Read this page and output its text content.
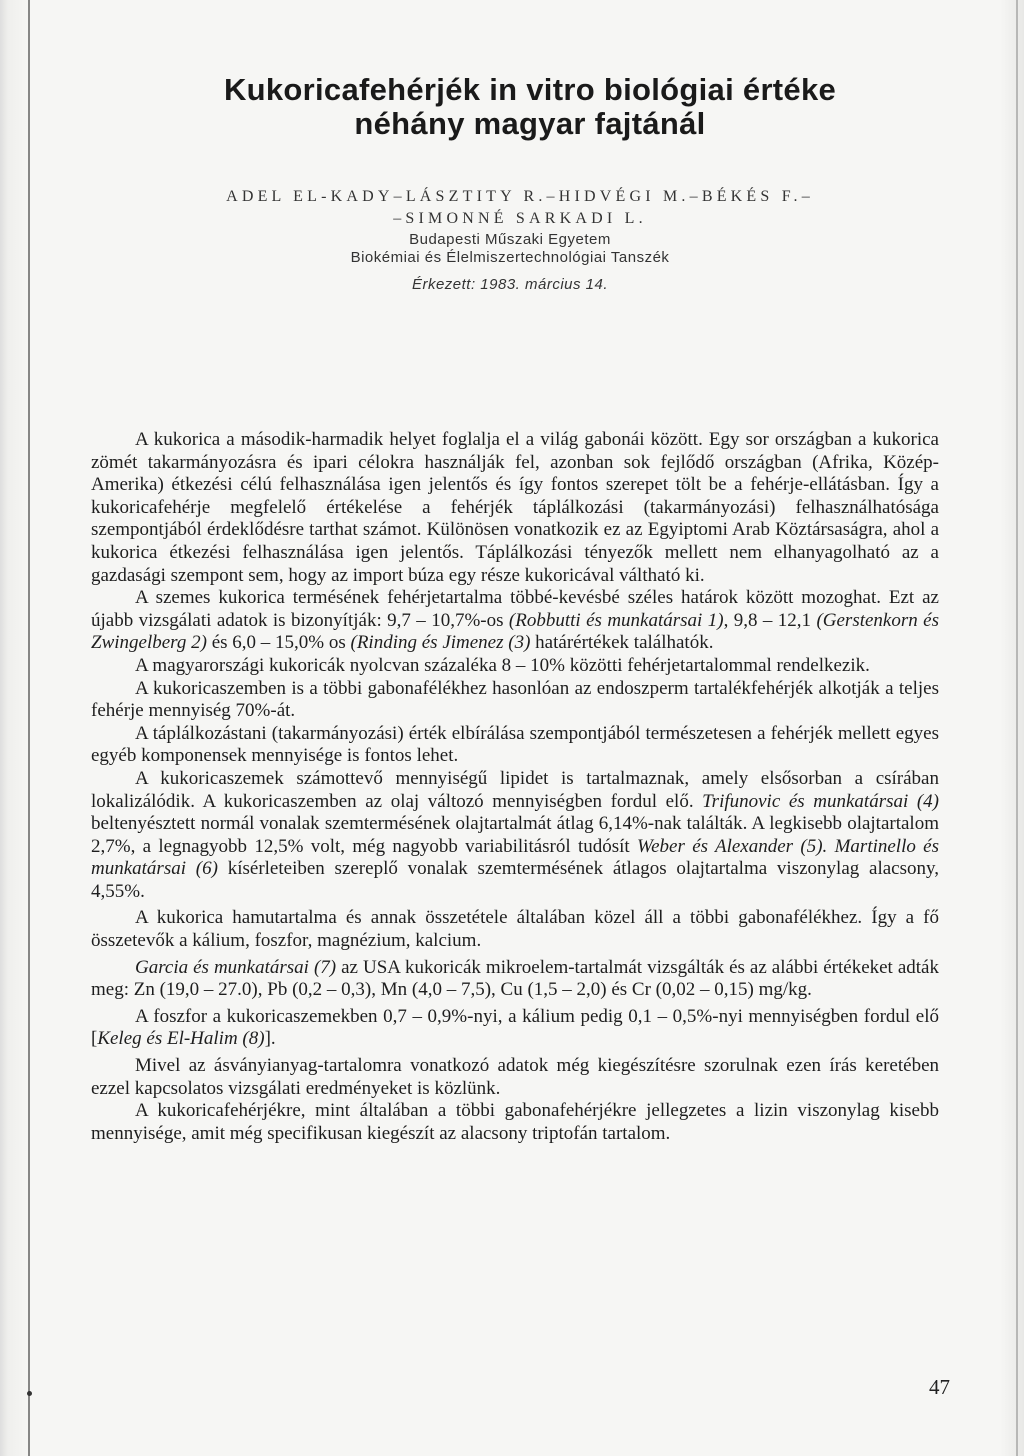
Kukoricafehérjék in vitro biológiai értéke
néhány magyar fajtánál
ADEL EL-KADY–LÁSZTITY R.–HIDVÉGI M.–BÉKÉS F.–
–SIMONNÉ SARKADI L.
Budapesti Műszaki Egyetem
Biokémiai és Élelmiszertechnológiai Tanszék
Érkezett: 1983. március 14.

A kukorica a második-harmadik helyet foglalja el a világ gabonái között. Egy sor országban a kukorica zömét takarmányozásra és ipari célokra használják fel, azonban sok fejlődő országban (Afrika, Közép-Amerika) étkezési célú felhasználása igen jelentős és így fontos szerepet tölt be a fehérje-ellátásban. Így a kukoricafehérje megfelelő értékelése a fehérjék táplálkozási (takarmányozási) felhasználhatósága szempontjából érdeklődésre tarthat számot. Különösen vonatkozik ez az Egyiptomi Arab Köztársaságra, ahol a kukorica étkezési felhasználása igen jelentős. Táplálkozási tényezők mellett nem elhanyagolható az a gazdasági szempont sem, hogy az import búza egy része kukoricával váltható ki.

A szemes kukorica termésének fehérjetartalma többé-kevésbé széles határok között mozoghat. Ezt az újabb vizsgálati adatok is bizonyítják: 9,7 – 10,7%-os (Robbutti és munkatársai 1), 9,8 – 12,1 (Gerstenkorn és Zwingelberg 2) és 6,0 – 15,0% os (Rinding és Jimenez (3) határértékek találhatók.

A magyarországi kukoricák nyolcvan százaléka 8 – 10% közötti fehérjetartalommal rendelkezik.

A kukoricaszemben is a többi gabonafélékhez hasonlóan az endoszperm tartalékfehérjék alkotják a teljes fehérje mennyiség 70%-át.

A táplálkozástani (takarmányozási) érték elbírálása szempontjából természetesen a fehérjék mellett egyes egyéb komponensek mennyisége is fontos lehet.

A kukoricaszemek számottevő mennyiségű lipidet is tartalmaznak, amely elsősorban a csírában lokalizálódik. A kukoricaszemben az olaj változó mennyiségben fordul elő. Trifunovic és munkatársai (4) beltenyésztett normál vonalak szemtermésének olajtartalmát átlag 6,14%-nak találták. A legkisebb olajtartalom 2,7%, a legnagyobb 12,5% volt, még nagyobb variabilitásról tudósít Weber és Alexander (5). Martinello és munkatársai (6) kísérleteiben szereplő vonalak szemtermésének átlagos olajtartalma viszonylag alacsony, 4,55%.

A kukorica hamutartalma és annak összetétele általában közel áll a többi gabonafélékhez. Így a fő összetevők a kálium, foszfor, magnézium, kalcium.

Garcia és munkatársai (7) az USA kukoricák mikroelem-tartalmát vizsgálták és az alábbi értékeket adták meg: Zn (19,0 – 27.0), Pb (0,2 – 0,3), Mn (4,0 – 7,5), Cu (1,5 – 2,0) és Cr (0,02 – 0,15) mg/kg.

A foszfor a kukoricaszemekben 0,7 – 0,9%-nyi, a kálium pedig 0,1 – 0,5%-nyi mennyiségben fordul elő [Keleg és El-Halim (8)].

Mivel az ásványianyag-tartalomra vonatkozó adatok még kiegészítésre szorulnak ezen írás keretében ezzel kapcsolatos vizsgálati eredményeket is közlünk.

A kukoricafehérjékre, mint általában a többi gabonafehérjékre jellegzetes a lizin viszonylag kisebb mennyisége, amit még specifikusan kiegészít az alacsony triptofán tartalom.

47
